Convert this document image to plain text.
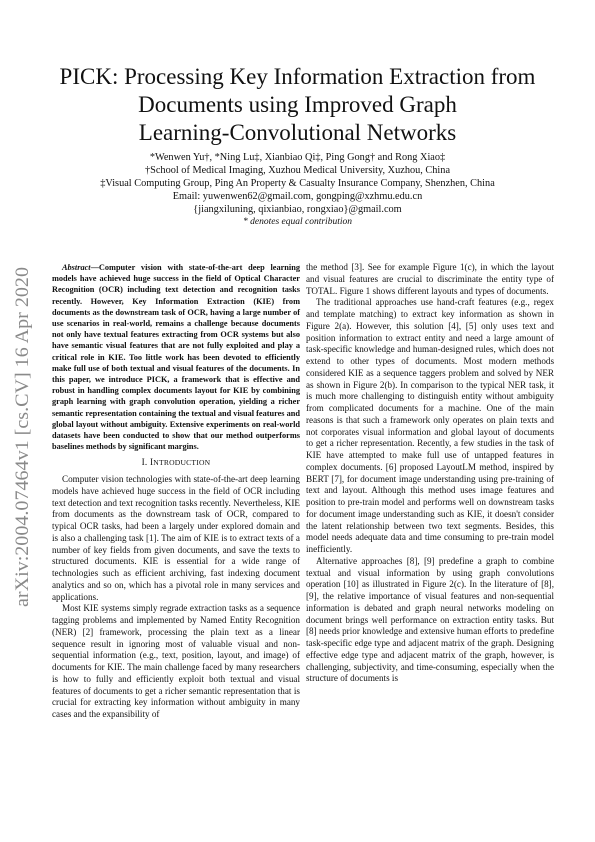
arXiv:2004.07464v1 [cs.CV] 16 Apr 2020
PICK: Processing Key Information Extraction from
Documents using Improved Graph
Learning-Convolutional Networks
*Wenwen Yu†, *Ning Lu‡, Xianbiao Qi‡, Ping Gong† and Rong Xiao‡
†School of Medical Imaging, Xuzhou Medical University, Xuzhou, China
‡Visual Computing Group, Ping An Property & Casualty Insurance Company, Shenzhen, China
Email: yuwenwen62@gmail.com, gongping@xzhmu.edu.cn
{jiangxiluning, qixianbiao, rongxiao}@gmail.com
* denotes equal contribution

Abstract—Computer vision with state-of-the-art deep learning models have achieved huge success in the field of Optical Character Recognition (OCR) including text detection and recognition tasks recently. However, Key Information Extraction (KIE) from documents as the downstream task of OCR, having a large number of use scenarios in real-world, remains a challenge because documents not only have textual features extracting from OCR systems but also have semantic visual features that are not fully exploited and play a critical role in KIE. Too little work has been devoted to efficiently make full use of both textual and visual features of the documents. In this paper, we introduce PICK, a framework that is effective and robust in handling complex documents layout for KIE by combining graph learning with graph convolution operation, yielding a richer semantic representation containing the textual and visual features and global layout without ambiguity. Extensive experiments on real-world datasets have been conducted to show that our method outperforms baselines methods by significant margins.

I. INTRODUCTION

Computer vision technologies with state-of-the-art deep learning models have achieved huge success in the field of OCR including text detection and text recognition tasks recently. Nevertheless, KIE from documents as the downstream task of OCR, compared to typical OCR tasks, had been a largely under explored domain and is also a challenging task [1]. The aim of KIE is to extract texts of a number of key fields from given documents, and save the texts to structured documents. KIE is essential for a wide range of technologies such as efficient archiving, fast indexing document analytics and so on, which has a pivotal role in many services and applications.

Most KIE systems simply regrade extraction tasks as a sequence tagging problems and implemented by Named Entity Recognition (NER) [2] framework, processing the plain text as a linear sequence result in ignoring most of valuable visual and non-sequential information (e.g., text, position, layout, and image) of documents for KIE. The main challenge faced by many researchers is how to fully and efficiently exploit both textual and visual features of documents to get a richer semantic representation that is crucial for extracting key information without ambiguity in many cases and the expansibility of

the method [3]. See for example Figure 1(c), in which the layout and visual features are crucial to discriminate the entity type of TOTAL. Figure 1 shows different layouts and types of documents.

The traditional approaches use hand-craft features (e.g., regex and template matching) to extract key information as shown in Figure 2(a). However, this solution [4], [5] only uses text and position information to extract entity and need a large amount of task-specific knowledge and human-designed rules, which does not extend to other types of documents. Most modern methods considered KIE as a sequence taggers problem and solved by NER as shown in Figure 2(b). In comparison to the typical NER task, it is much more challenging to distinguish entity without ambiguity from complicated documents for a machine. One of the main reasons is that such a framework only operates on plain texts and not corporates visual information and global layout of documents to get a richer representation. Recently, a few studies in the task of KIE have attempted to make full use of untapped features in complex documents. [6] proposed LayoutLM method, inspired by BERT [7], for document image understanding using pre-training of text and layout. Although this method uses image features and position to pre-train model and performs well on downstream tasks for document image understanding such as KIE, it doesn't consider the latent relationship between two text segments. Besides, this model needs adequate data and time consuming to pre-train model inefficiently.

Alternative approaches [8], [9] predefine a graph to combine textual and visual information by using graph convolutions operation [10] as illustrated in Figure 2(c). In the literature of [8], [9], the relative importance of visual features and non-sequential information is debated and graph neural networks modeling on document brings well performance on extraction entity tasks. But [8] needs prior knowledge and extensive human efforts to predefine task-specific edge type and adjacent matrix of the graph. Designing effective edge type and adjacent matrix of the graph, however, is challenging, subjectivity, and time-consuming, especially when the structure of documents is
